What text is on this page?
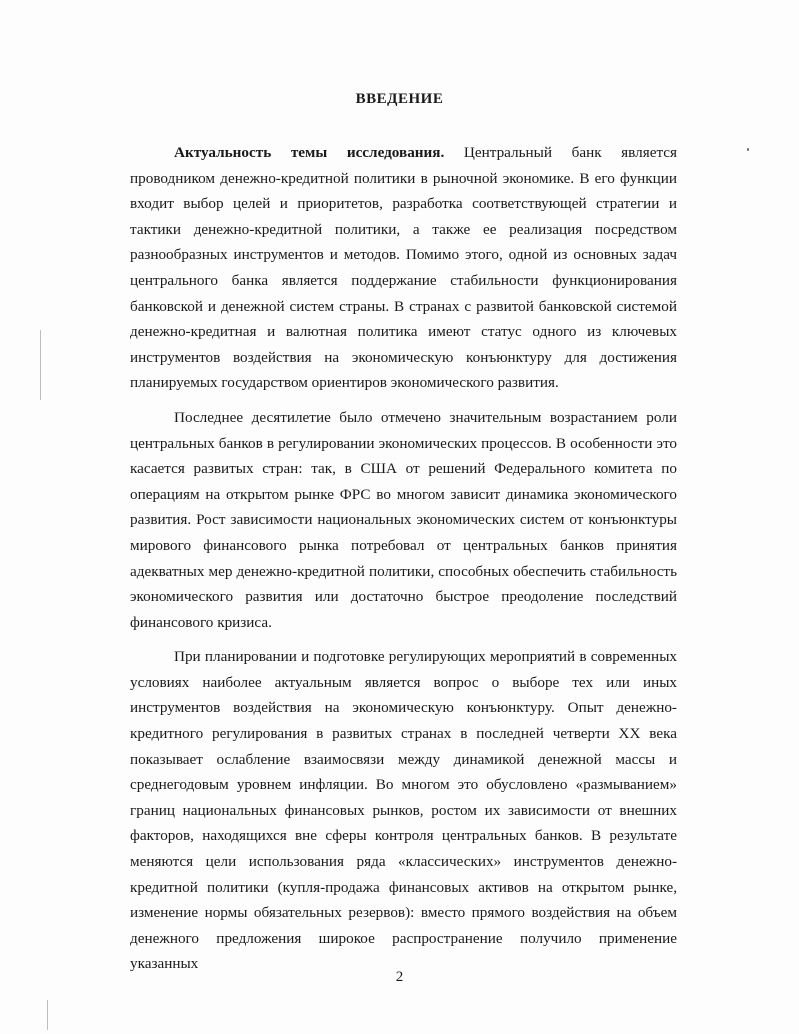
ВВЕДЕНИЕ

Актуальность темы исследования. Центральный банк является проводником денежно-кредитной политики в рыночной экономике. В его функции входит выбор целей и приоритетов, разработка соответствующей стратегии и тактики денежно-кредитной политики, а также ее реализация посредством разнообразных инструментов и методов. Помимо этого, одной из основных задач центрального банка является поддержание стабильности функционирования банковской и денежной систем страны. В странах с развитой банковской системой денежно-кредитная и валютная политика имеют статус одного из ключевых инструментов воздействия на экономическую конъюнктуру для достижения планируемых государством ориентиров экономического развития.

Последнее десятилетие было отмечено значительным возрастанием роли центральных банков в регулировании экономических процессов. В особенности это касается развитых стран: так, в США от решений Федерального комитета по операциям на открытом рынке ФРС во многом зависит динамика экономического развития. Рост зависимости национальных экономических систем от конъюнктуры мирового финансового рынка потребовал от центральных банков принятия адекватных мер денежно-кредитной политики, способных обеспечить стабильность экономического развития или достаточно быстрое преодоление последствий финансового кризиса.

При планировании и подготовке регулирующих мероприятий в современных условиях наиболее актуальным является вопрос о выборе тех или иных инструментов воздействия на экономическую конъюнктуру. Опыт денежно-кредитного регулирования в развитых странах в последней четверти XX века показывает ослабление взаимосвязи между динамикой денежной массы и среднегодовым уровнем инфляции. Во многом это обусловлено «размыванием» границ национальных финансовых рынков, ростом их зависимости от внешних факторов, находящихся вне сферы контроля центральных банков. В результате меняются цели использования ряда «классических» инструментов денежно-кредитной политики (купля-продажа финансовых активов на открытом рынке, изменение нормы обязательных резервов): вместо прямого воздействия на объем денежного предложения широкое распространение получило применение указанных

2
